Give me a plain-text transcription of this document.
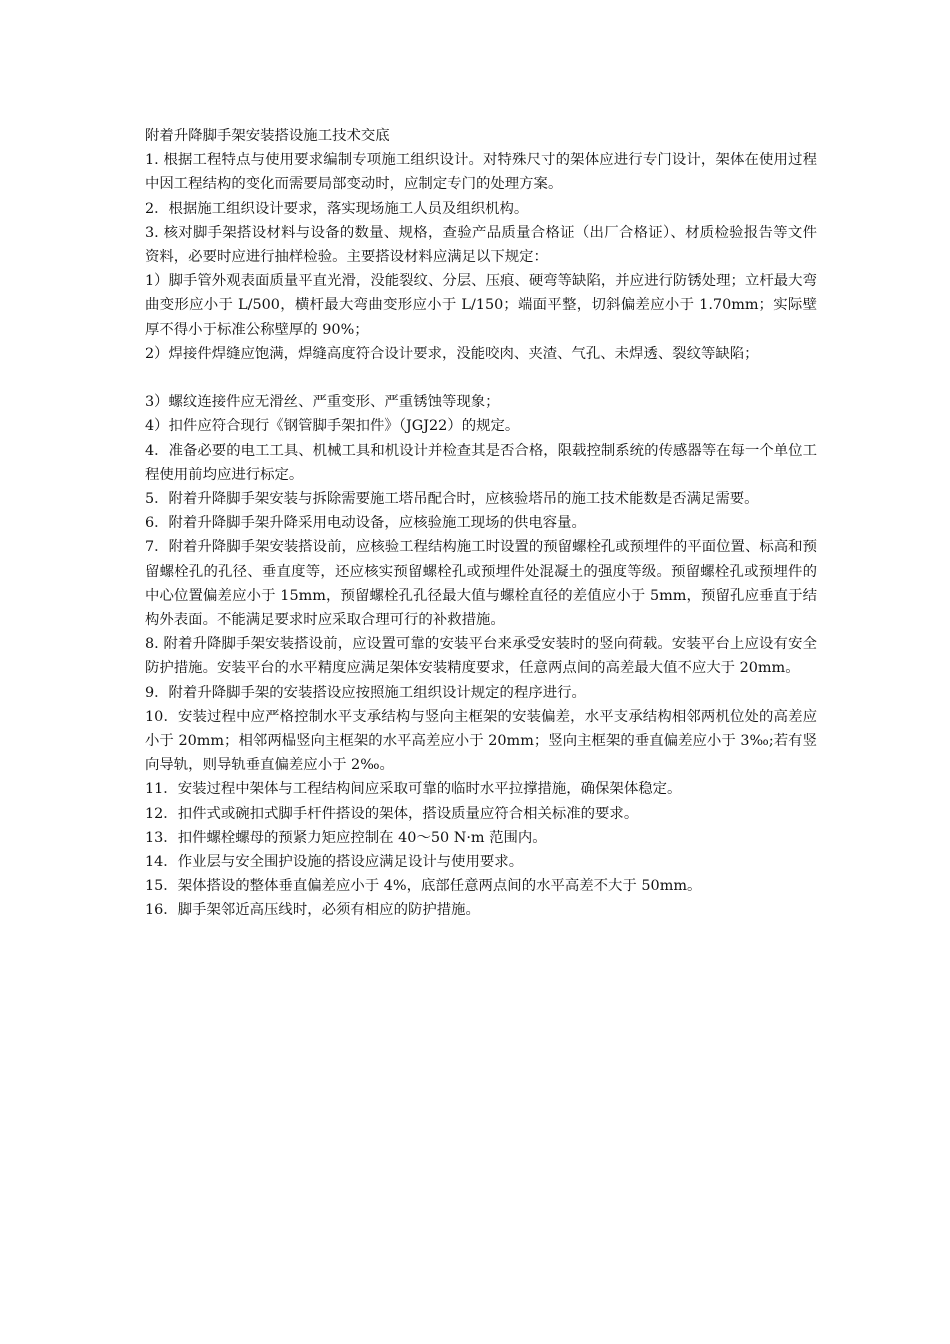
附着升降脚手架安装搭设施工技术交底

1. 根据工程特点与使用要求编制专项施工组织设计。对特殊尺寸的架体应进行专门设计，架体在使用过程中因工程结构的变化而需要局部变动时，应制定专门的处理方案。

2．根据施工组织设计要求，落实现场施工人员及组织机构。

3. 核对脚手架搭设材料与设备的数量、规格，查验产品质量合格证（出厂合格证）、材质检验报告等文件资料，必要时应进行抽样检验。主要搭设材料应满足以下规定：

1）脚手管外观表面质量平直光滑，没能裂纹、分层、压痕、硬弯等缺陷，并应进行防锈处理；立杆最大弯曲变形应小于 L/500，横杆最大弯曲变形应小于 L/150；端面平整，切斜偏差应小于 1.70mm；实际壁厚不得小于标准公称壁厚的 90%；

2）焊接件焊缝应饱满，焊缝高度符合设计要求，没能咬肉、夹渣、气孔、未焊透、裂纹等缺陷；

3）螺纹连接件应无滑丝、严重变形、严重锈蚀等现象；

4）扣件应符合现行《钢管脚手架扣件》（JGJ22）的规定。

4．准备必要的电工工具、机械工具和机设计并检查其是否合格，限载控制系统的传感器等在每一个单位工程使用前均应进行标定。

5．附着升降脚手架安装与拆除需要施工塔吊配合时，应核验塔吊的施工技术能数是否满足需要。

6．附着升降脚手架升降采用电动设备，应核验施工现场的供电容量。

7．附着升降脚手架安装搭设前，应核验工程结构施工时设置的预留螺栓孔或预埋件的平面位置、标高和预留螺栓孔的孔径、垂直度等，还应核实预留螺栓孔或预埋件处混凝土的强度等级。预留螺栓孔或预埋件的中心位置偏差应小于 15mm，预留螺栓孔孔径最大值与螺栓直径的差值应小于 5mm，预留孔应垂直于结构外表面。不能满足要求时应采取合理可行的补救措施。

8. 附着升降脚手架安装搭设前，应设置可靠的安装平台来承受安装时的竖向荷载。安装平台上应设有安全防护措施。安装平台的水平精度应满足架体安装精度要求，任意两点间的高差最大值不应大于 20mm。

9．附着升降脚手架的安装搭设应按照施工组织设计规定的程序进行。

10．安装过程中应严格控制水平支承结构与竖向主框架的安装偏差，水平支承结构相邻两机位处的高差应小于 20mm；相邻两榀竖向主框架的水平高差应小于 20mm；竖向主框架的垂直偏差应小于 3‰;若有竖向导轨，则导轨垂直偏差应小于 2‰。

11．安装过程中架体与工程结构间应采取可靠的临时水平拉撑措施，确保架体稳定。

12．扣件式或碗扣式脚手杆件搭设的架体，搭设质量应符合相关标准的要求。

13．扣件螺栓螺母的预紧力矩应控制在 40～50 N·m 范围内。

14．作业层与安全围护设施的搭设应满足设计与使用要求。

15．架体搭设的整体垂直偏差应小于 4%，底部任意两点间的水平高差不大于 50mm。

16．脚手架邻近高压线时，必须有相应的防护措施。
